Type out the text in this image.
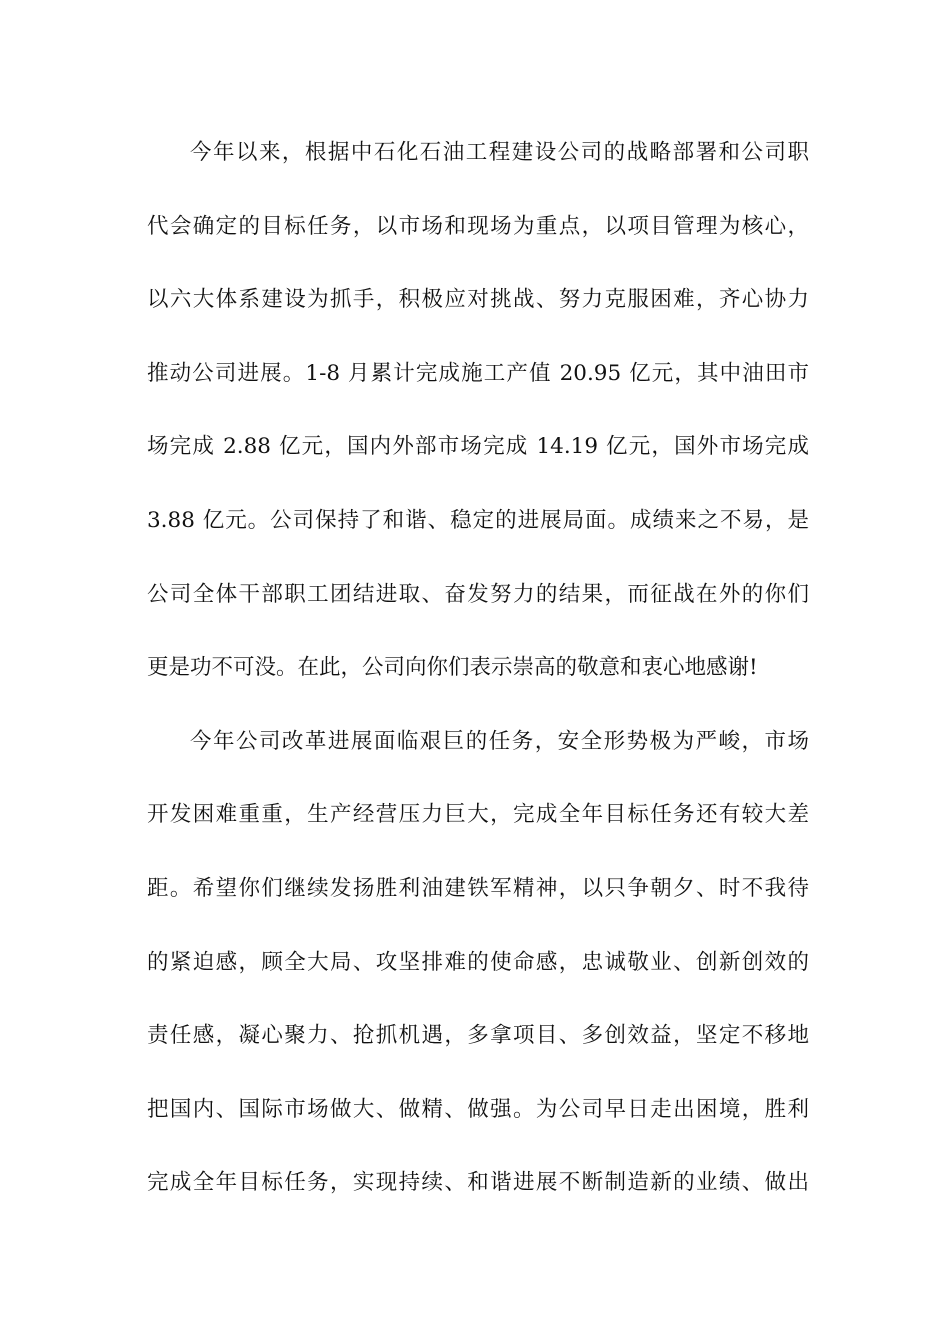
今年以来，根据中石化石油工程建设公司的战略部署和公司职
代会确定的目标任务，以市场和现场为重点，以项目管理为核心，
以六大体系建设为抓手，积极应对挑战、努力克服困难，齐心协力
推动公司进展。1-8 月累计完成施工产值 20.95 亿元，其中油田市
场完成 2.88 亿元，国内外部市场完成 14.19 亿元，国外市场完成
3.88 亿元。公司保持了和谐、稳定的进展局面。成绩来之不易，是
公司全体干部职工团结进取、奋发努力的结果，而征战在外的你们
更是功不可没。在此，公司向你们表示崇高的敬意和衷心地感谢!
今年公司改革进展面临艰巨的任务，安全形势极为严峻，市场
开发困难重重，生产经营压力巨大，完成全年目标任务还有较大差
距。希望你们继续发扬胜利油建铁军精神，以只争朝夕、时不我待
的紧迫感，顾全大局、攻坚排难的使命感，忠诚敬业、创新创效的
责任感，凝心聚力、抢抓机遇，多拿项目、多创效益，坚定不移地
把国内、国际市场做大、做精、做强。为公司早日走出困境，胜利
完成全年目标任务，实现持续、和谐进展不断制造新的业绩、做出
